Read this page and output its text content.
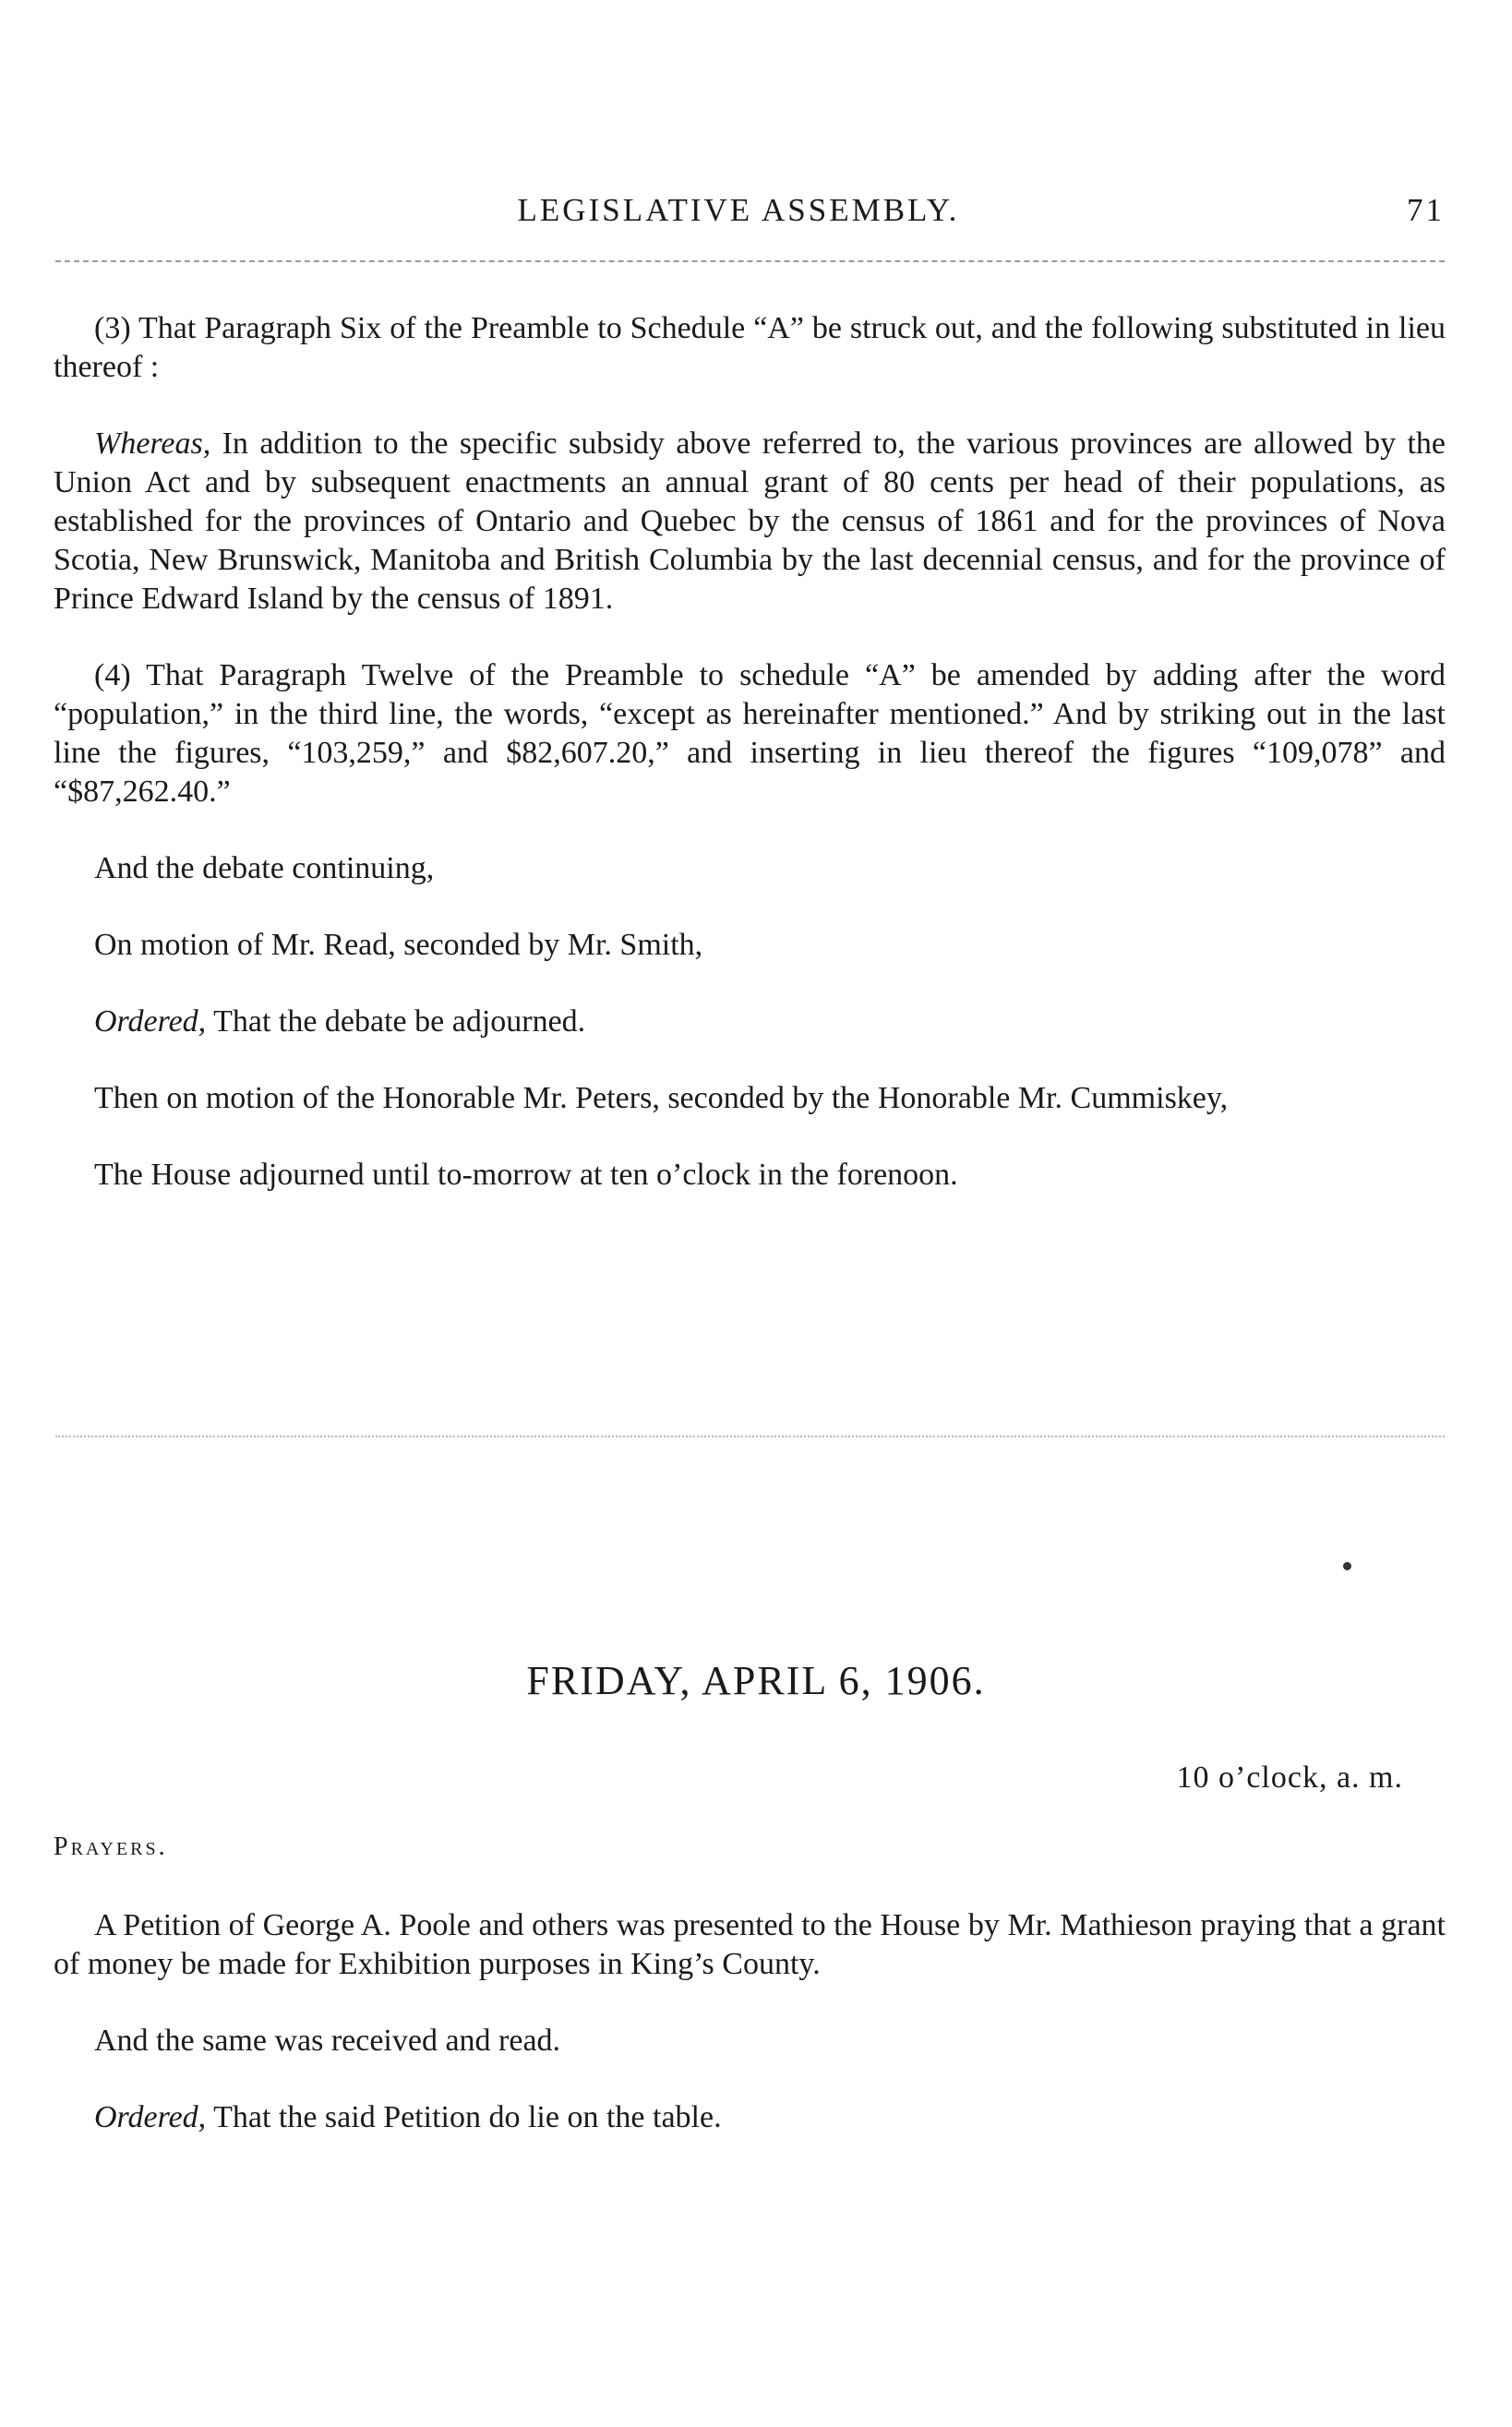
LEGISLATIVE ASSEMBLY.	71

(3) That Paragraph Six of the Preamble to Schedule “A” be struck out, and the following substituted in lieu thereof :

Whereas, In addition to the specific subsidy above referred to, the various provinces are allowed by the Union Act and by subsequent enactments an annual grant of 80 cents per head of their populations, as established for the provinces of Ontario and Quebec by the census of 1861 and for the provinces of Nova Scotia, New Brunswick, Manitoba and British Columbia by the last decennial census, and for the province of Prince Edward Island by the census of 1891.

(4) That Paragraph Twelve of the Preamble to schedule “A” be amended by adding after the word “population,” in the third line, the words, “except as hereinafter mentioned.” And by striking out in the last line the figures, “103,259,” and $82,607.20,” and inserting in lieu thereof the figures “109,078” and “$87,262.40.”

And the debate continuing,

On motion of Mr. Read, seconded by Mr. Smith,

Ordered, That the debate be adjourned.

Then on motion of the Honorable Mr. Peters, seconded by the Honorable Mr. Cummiskey,

The House adjourned until to-morrow at ten o’clock in the forenoon.

FRIDAY, APRIL 6, 1906.
10 o’clock, a. m.
Prayers.

A Petition of George A. Poole and others was presented to the House by Mr. Mathieson praying that a grant of money be made for Exhibition purposes in King’s County.

And the same was received and read.

Ordered, That the said Petition do lie on the table.
